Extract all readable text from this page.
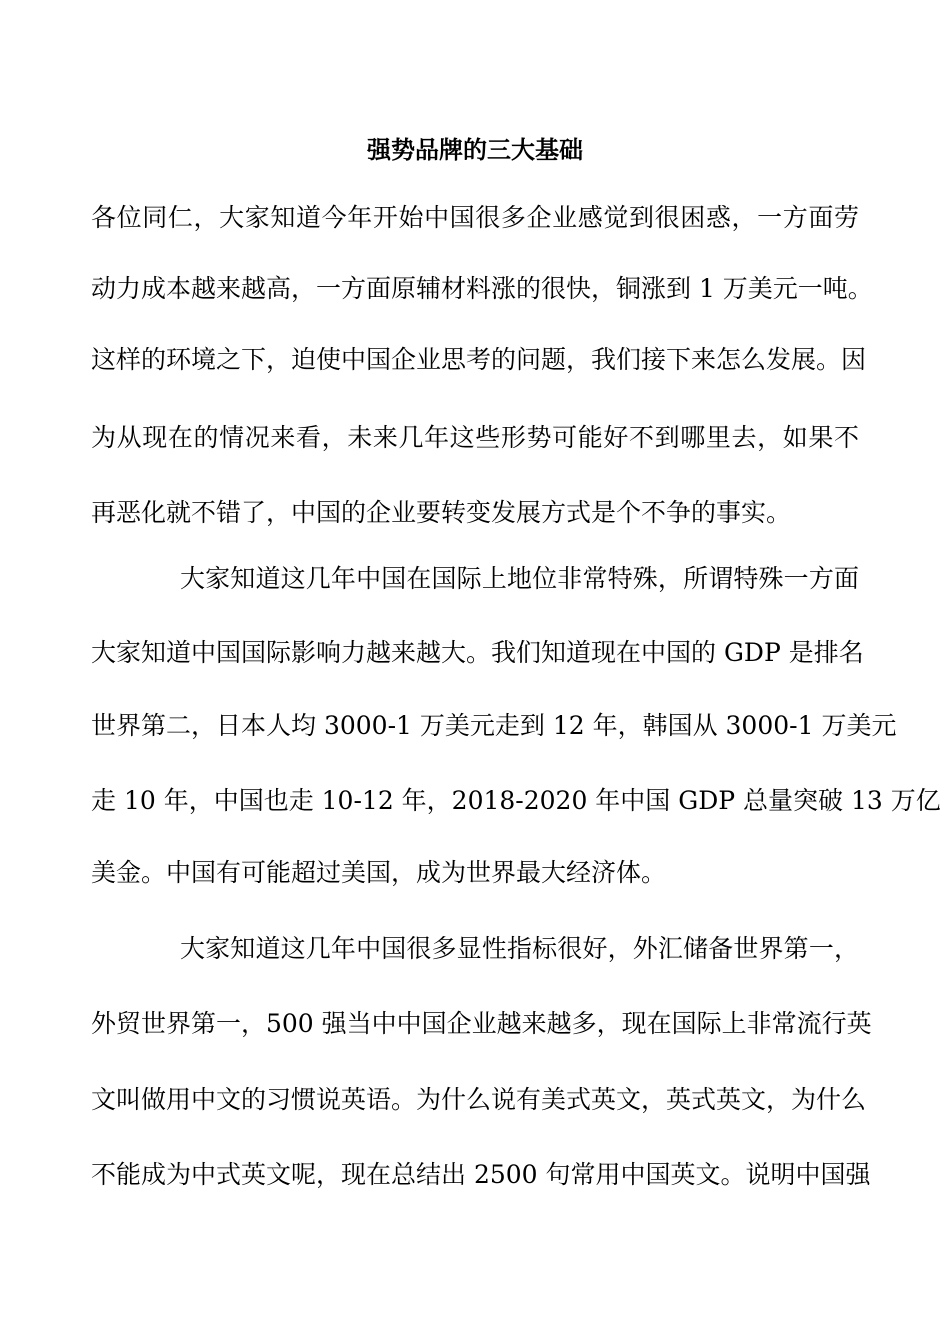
强势品牌的三大基础
各位同仁，大家知道今年开始中国很多企业感觉到很困惑，一方面劳
动力成本越来越高，一方面原辅材料涨的很快，铜涨到 1 万美元一吨。
这样的环境之下，迫使中国企业思考的问题，我们接下来怎么发展。因
为从现在的情况来看，未来几年这些形势可能好不到哪里去，如果不
再恶化就不错了，中国的企业要转变发展方式是个不争的事实。
大家知道这几年中国在国际上地位非常特殊，所谓特殊一方面
大家知道中国国际影响力越来越大。我们知道现在中国的 GDP 是排名
世界第二，日本人均 3000-1 万美元走到 12 年，韩国从 3000-1 万美元
走 10 年，中国也走 10-12 年，2018-2020 年中国 GDP 总量突破 13 万亿
美金。中国有可能超过美国，成为世界最大经济体。
大家知道这几年中国很多显性指标很好，外汇储备世界第一，
外贸世界第一，500 强当中中国企业越来越多，现在国际上非常流行英
文叫做用中文的习惯说英语。为什么说有美式英文，英式英文，为什么
不能成为中式英文呢，现在总结出 2500 句常用中国英文。说明中国强
